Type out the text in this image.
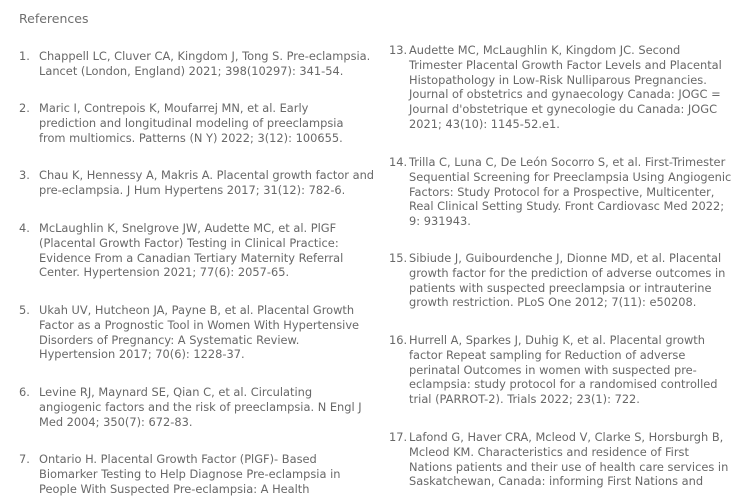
References
1. Chappell LC, Cluver CA, Kingdom J, Tong S. Pre-eclampsia.
Lancet (London, England) 2021; 398(10297): 341-54.
2. Maric I, Contrepois K, Moufarrej MN, et al. Early
prediction and longitudinal modeling of preeclampsia
from multiomics. Patterns (N Y) 2022; 3(12): 100655.
3. Chau K, Hennessy A, Makris A. Placental growth factor and
pre-eclampsia. J Hum Hypertens 2017; 31(12): 782-6.
4. McLaughlin K, Snelgrove JW, Audette MC, et al. PlGF
(Placental Growth Factor) Testing in Clinical Practice:
Evidence From a Canadian Tertiary Maternity Referral
Center. Hypertension 2021; 77(6): 2057-65.
5. Ukah UV, Hutcheon JA, Payne B, et al. Placental Growth
Factor as a Prognostic Tool in Women With Hypertensive
Disorders of Pregnancy: A Systematic Review.
Hypertension 2017; 70(6): 1228-37.
6. Levine RJ, Maynard SE, Qian C, et al. Circulating
angiogenic factors and the risk of preeclampsia. N Engl J
Med 2004; 350(7): 672-83.
7. Ontario H. Placental Growth Factor (PlGF)- Based
Biomarker Testing to Help Diagnose Pre-eclampsia in
People With Suspected Pre-eclampsia: A Health
13. Audette MC, McLaughlin K, Kingdom JC. Second
Trimester Placental Growth Factor Levels and Placental
Histopathology in Low-Risk Nulliparous Pregnancies.
Journal of obstetrics and gynaecology Canada: JOGC =
Journal d'obstetrique et gynecologie du Canada: JOGC
2021; 43(10): 1145-52.e1.
14. Trilla C, Luna C, De León Socorro S, et al. First-Trimester
Sequential Screening for Preeclampsia Using Angiogenic
Factors: Study Protocol for a Prospective, Multicenter,
Real Clinical Setting Study. Front Cardiovasc Med 2022;
9: 931943.
15. Sibiude J, Guibourdenche J, Dionne MD, et al. Placental
growth factor for the prediction of adverse outcomes in
patients with suspected preeclampsia or intrauterine
growth restriction. PLoS One 2012; 7(11): e50208.
16. Hurrell A, Sparkes J, Duhig K, et al. Placental growth
factor Repeat sampling for Reduction of adverse
perinatal Outcomes in women with suspected pre-
eclampsia: study protocol for a randomised controlled
trial (PARROT-2). Trials 2022; 23(1): 722.
17. Lafond G, Haver CRA, Mcleod V, Clarke S, Horsburgh B,
Mcleod KM. Characteristics and residence of First
Nations patients and their use of health care services in
Saskatchewan, Canada: informing First Nations and
